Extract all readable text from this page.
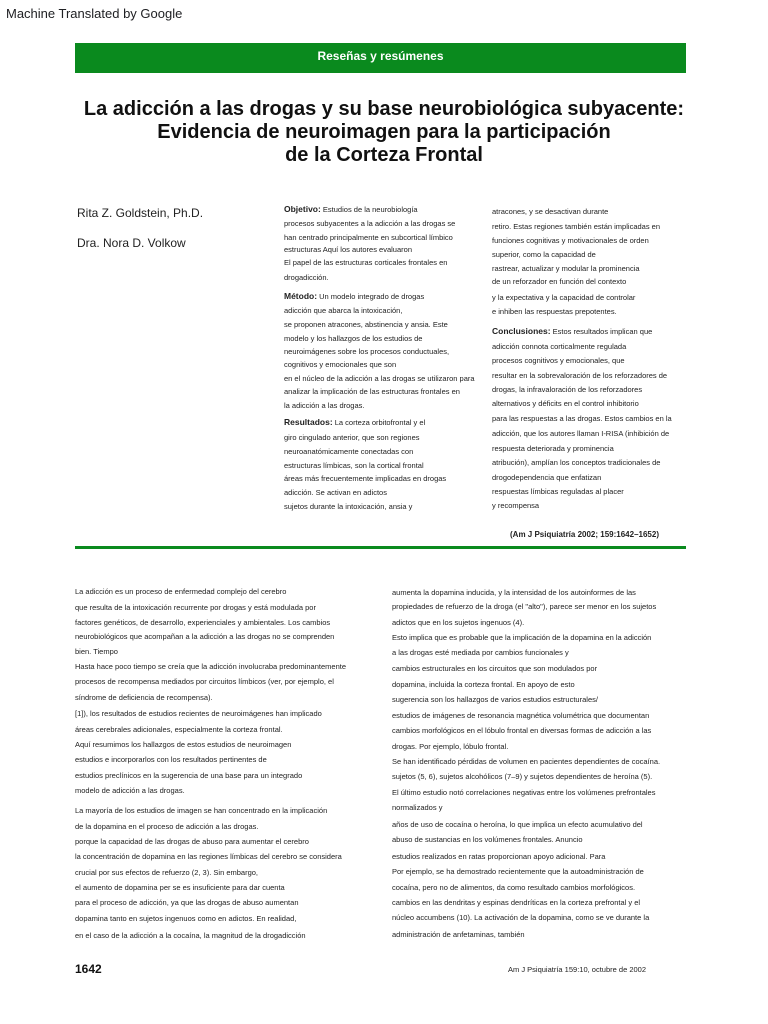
Machine Translated by Google
Reseñas y resúmenes
La adicción a las drogas y su base neurobiológica subyacente:
Evidencia de neuroimagen para la participación
de la Corteza Frontal
Rita Z. Goldstein, Ph.D.
Dra. Nora D. Volkow
Objetivo: Estudios de la neurobiología
procesos subyacentes a la adicción a las drogas se
han centrado principalmente en subcortical límbico
estructuras Aquí los autores evaluaron
El papel de las estructuras corticales frontales en
drogadicción.
Método: Un modelo integrado de drogas
adicción que abarca la intoxicación,
se proponen atracones, abstinencia y ansia. Este
modelo y los hallazgos de los estudios de
neuroimágenes sobre los procesos conductuales,
cognitivos y emocionales que son
en el núcleo de la adicción a las drogas se utilizaron para
analizar la implicación de las estructuras frontales en
la adicción a las drogas.
Resultados: La corteza orbitofrontal y el
giro cingulado anterior, que son regiones
neuroanatómicamente conectadas con
estructuras límbicas, son la cortical frontal
áreas más frecuentemente implicadas en drogas
adicción. Se activan en adictos
sujetos durante la intoxicación, ansia y
atracones, y se desactivan durante
retiro. Estas regiones también están implicadas en
funciones cognitivas y motivacionales de orden
superior, como la capacidad de
rastrear, actualizar y modular la prominencia
de un reforzador en función del contexto
y la expectativa y la capacidad de controlar
e inhiben las respuestas prepotentes.
Conclusiones: Estos resultados implican que
adicción connota corticalmente regulada
procesos cognitivos y emocionales, que
resultar en la sobrevaloración de los reforzadores de
drogas, la infravaloración de los reforzadores
alternativos y déficits en el control inhibitorio
para las respuestas a las drogas. Estos cambios en la
adicción, que los autores llaman I-RISA (inhibición de
respuesta deteriorada y prominencia
atribución), amplían los conceptos tradicionales de
drogodependencia que enfatizan
respuestas límbicas reguladas al placer
y recompensa
(Am J Psiquiatría 2002; 159:1642–1652)
La adicción es un proceso de enfermedad complejo del cerebro
que resulta de la intoxicación recurrente por drogas y está modulada por
factores genéticos, de desarrollo, experienciales y ambientales. Los cambios
neurobiológicos que acompañan a la adicción a las drogas no se comprenden
bien. Tiempo
Hasta hace poco tiempo se creía que la adicción involucraba predominantemente
procesos de recompensa mediados por circuitos límbicos (ver, por ejemplo, el
síndrome de deficiencia de recompensa).
[1]), los resultados de estudios recientes de neuroimágenes han implicado
áreas cerebrales adicionales, especialmente la corteza frontal.
Aquí resumimos los hallazgos de estos estudios de neuroimagen
estudios e incorporarlos con los resultados pertinentes de
estudios preclínicos en la sugerencia de una base para un integrado
modelo de adicción a las drogas.
La mayoría de los estudios de imagen se han concentrado en la implicación
de la dopamina en el proceso de adicción a las drogas.
porque la capacidad de las drogas de abuso para aumentar el cerebro
la concentración de dopamina en las regiones límbicas del cerebro se considera
crucial por sus efectos de refuerzo (2, 3). Sin embargo,
el aumento de dopamina per se es insuficiente para dar cuenta
para el proceso de adicción, ya que las drogas de abuso aumentan
dopamina tanto en sujetos ingenuos como en adictos. En realidad,
en el caso de la adicción a la cocaína, la magnitud de la drogadicción
aumenta la dopamina inducida, y la intensidad de los autoinformes de las
propiedades de refuerzo de la droga (el "alto"), parece ser menor en los sujetos
adictos que en los sujetos ingenuos (4).
Esto implica que es probable que la implicación de la dopamina en la adicción
a las drogas esté mediada por cambios funcionales y
cambios estructurales en los circuitos que son modulados por
dopamina, incluida la corteza frontal. En apoyo de esto
sugerencia son los hallazgos de varios estudios estructurales/
estudios de imágenes de resonancia magnética volumétrica que documentan
cambios morfológicos en el lóbulo frontal en diversas formas de adicción a las
drogas. Por ejemplo, lóbulo frontal.
Se han identificado pérdidas de volumen en pacientes dependientes de cocaína.
sujetos (5, 6), sujetos alcohólicos (7–9) y sujetos dependientes de heroína (5).
El último estudio notó correlaciones negativas entre los volúmenes prefrontales
normalizados y
años de uso de cocaína o heroína, lo que implica un efecto acumulativo del
abuso de sustancias en los volúmenes frontales. Anuncio
estudios realizados en ratas proporcionan apoyo adicional. Para
Por ejemplo, se ha demostrado recientemente que la autoadministración de
cocaína, pero no de alimentos, da como resultado cambios morfológicos.
cambios en las dendritas y espinas dendríticas en la corteza prefrontal y el
núcleo accumbens (10). La activación de la dopamina, como se ve durante la
administración de anfetaminas, también
1642	Am J Psiquiatría 159:10, octubre de 2002
